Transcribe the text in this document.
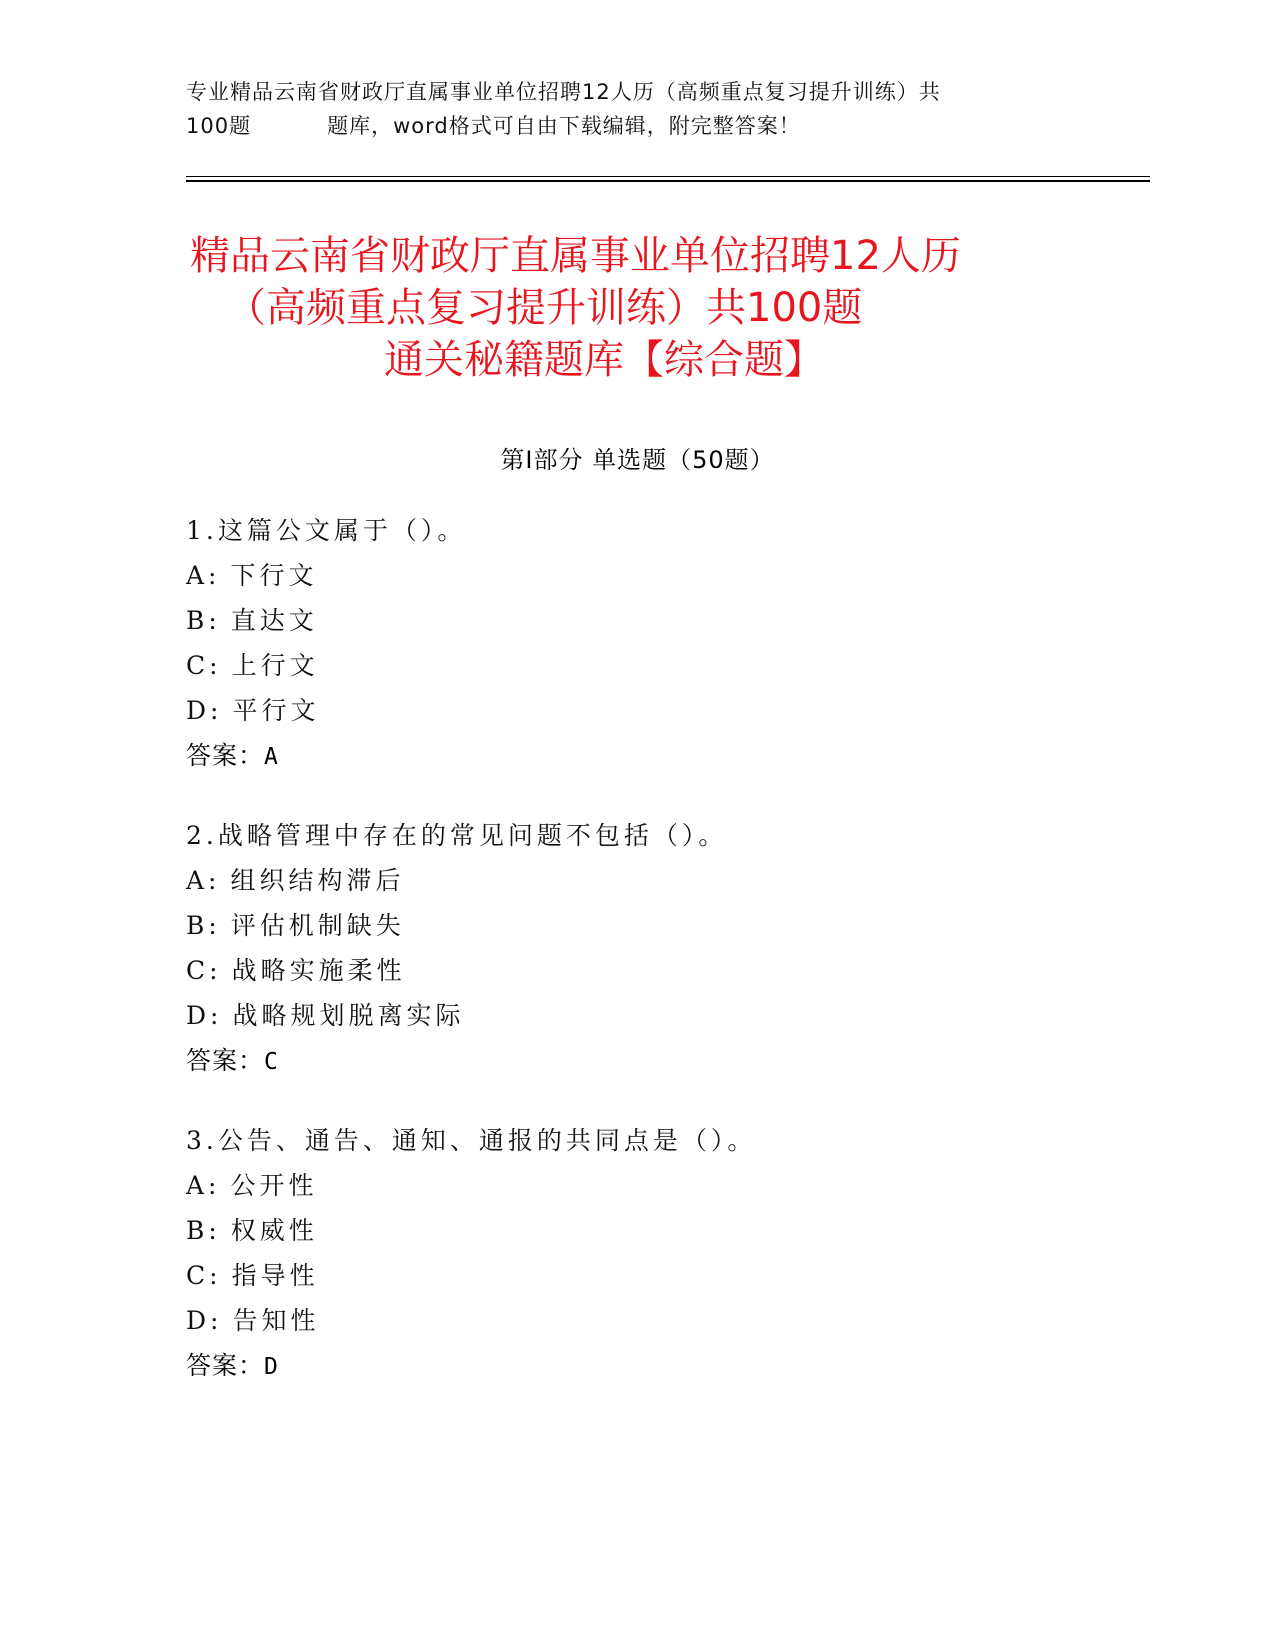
专业精品云南省财政厅直属事业单位招聘12人历（高频重点复习提升训练）共
100题	题库，word格式可自由下载编辑，附完整答案！
精品云南省财政厅直属事业单位招聘12人历
（高频重点复习提升训练）共100题
通关秘籍题库【综合题】
第I部分 单选题（50题）
1.这篇公文属于（）。
A: 下行文
B: 直达文
C: 上行文
D: 平行文
答案：A
2.战略管理中存在的常见问题不包括（）。
A: 组织结构滞后
B: 评估机制缺失
C: 战略实施柔性
D: 战略规划脱离实际
答案：C
3.公告、通告、通知、通报的共同点是（）。
A: 公开性
B: 权威性
C: 指导性
D: 告知性
答案：D
